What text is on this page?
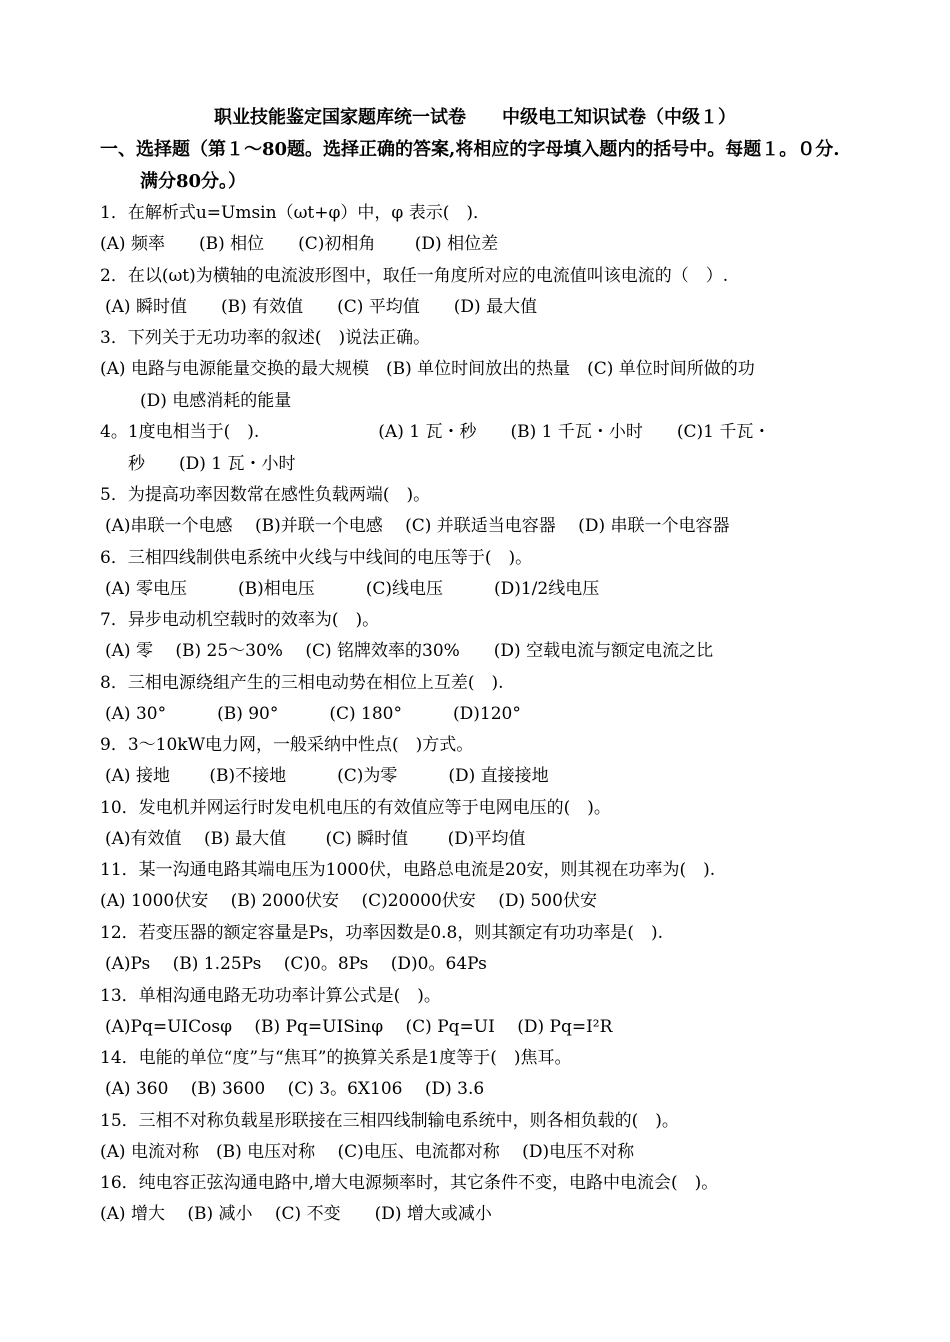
职业技能鉴定国家题库统一试卷　　中级电工知识试卷（中级１）
一、选择题（第１～80题。选择正确的答案,将相应的字母填入题内的括号中。每题１。０分.
满分80分。）
1．在解析式u=Umsin（ωt+φ）中，φ 表示(　)．
(A) 频率　　(B) 相位　　(C)初相角　　 (D) 相位差
2．在以(ωt)为横轴的电流波形图中，取任一角度所对应的电流值叫该电流的（　）.
(A) 瞬时值　　(B) 有效值　　(C) 平均值　　(D) 最大值
3．下列关于无功功率的叙述(　)说法正确。
(A) 电路与电源能量交换的最大规模　(B) 单位时间放出的热量　(C) 单位时间所做的功
(D) 电感消耗的能量
4。1度电相当于(　).　　　　　　　(A) 1 瓦・秒　　(B) 1 千瓦・小时　　(C)1 千瓦・
秒　　(D) 1 瓦・小时
5．为提高功率因数常在感性负载两端(　)。
(A)串联一个电感　 (B)并联一个电感　 (C) 并联适当电容器　 (D) 串联一个电容器
6．三相四线制供电系统中火线与中线间的电压等于(　)。
(A) 零电压　　　(B)相电压　　　(C)线电压　　　(D)1/2线电压
7．异步电动机空载时的效率为(　)。
(A) 零　 (B) 25～30%　 (C) 铭牌效率的30%　　(D) 空载电流与额定电流之比
8．三相电源绕组产生的三相电动势在相位上互差(　).
(A) 30°　　　(B) 90°　　　(C) 180°　　　(D)120°
9．3～10kW电力网，一般采纳中性点(　)方式。
(A) 接地　　 (B)不接地　　　(C)为零　　　(D) 直接接地
10．发电机并网运行时发电机电压的有效值应等于电网电压的(　)。
(A)有效值　 (B) 最大值　　 (C) 瞬时值　　 (D)平均值
11．某一沟通电路其端电压为1000伏，电路总电流是20安，则其视在功率为(　).
(A) 1000伏安　 (B) 2000伏安　 (C)20000伏安　 (D) 500伏安
12．若变压器的额定容量是Ps，功率因数是0.8，则其额定有功功率是(　).
(A)Ps　 (B) 1.25Ps　 (C)0。8Ps　 (D)0。64Ps
13．单相沟通电路无功功率计算公式是(　)。
(A)Pq=UICosφ　 (B) Pq=UISinφ　 (C) Pq=UI　 (D) Pq=I²R
14．电能的单位“度”与“焦耳”的换算关系是1度等于(　)焦耳。
(A) 360　 (B) 3600　 (C) 3。6X106　 (D) 3.6
15．三相不对称负载星形联接在三相四线制输电系统中，则各相负载的(　)。
(A) 电流对称　(B) 电压对称　 (C)电压、电流都对称　 (D)电压不对称
16．纯电容正弦沟通电路中,增大电源频率时，其它条件不变，电路中电流会(　)。
(A) 增大　 (B) 减小　 (C) 不变　　(D) 增大或减小
